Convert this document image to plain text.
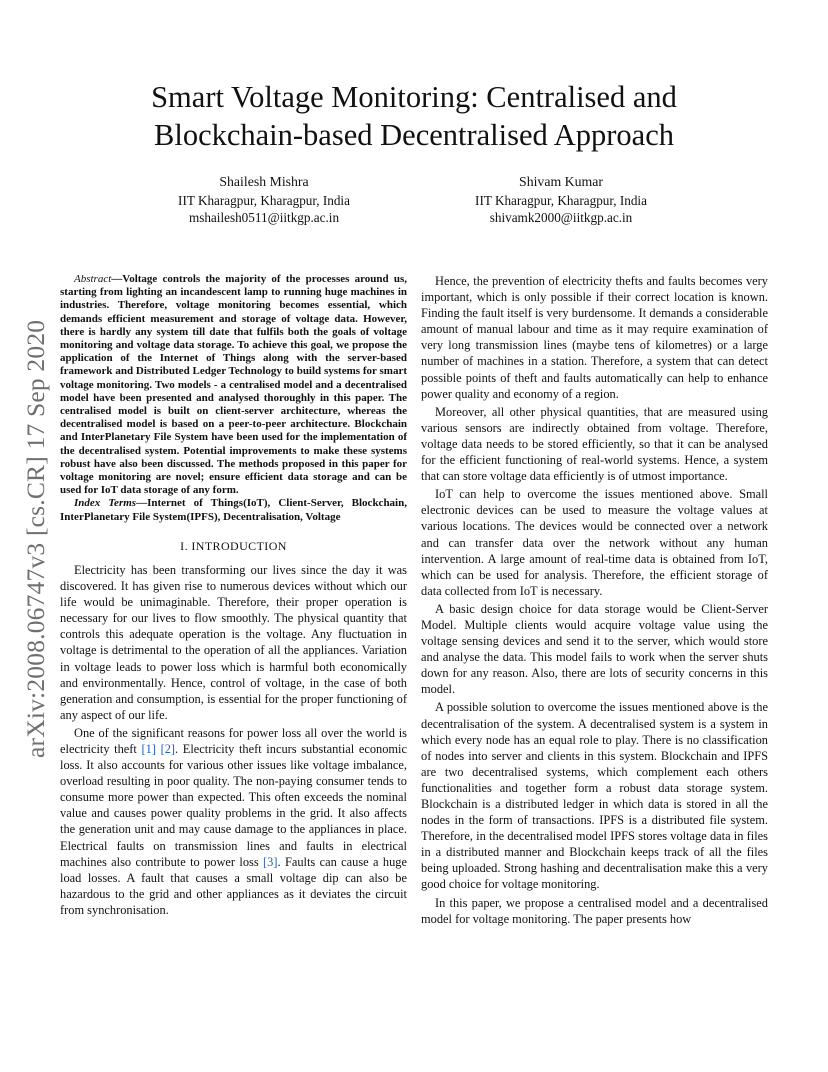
arXiv:2008.06747v3 [cs.CR] 17 Sep 2020
Smart Voltage Monitoring: Centralised and
Blockchain-based Decentralised Approach
Shailesh Mishra
IIT Kharagpur, Kharagpur, India
mshailesh0511@iitkgp.ac.in
Shivam Kumar
IIT Kharagpur, Kharagpur, India
shivamk2000@iitkgp.ac.in

Abstract—Voltage controls the majority of the processes around us, starting from lighting an incandescent lamp to running huge machines in industries. Therefore, voltage monitoring becomes essential, which demands efficient measurement and storage of voltage data. However, there is hardly any system till date that fulfils both the goals of voltage monitoring and voltage data storage. To achieve this goal, we propose the application of the Internet of Things along with the server-based framework and Distributed Ledger Technology to build systems for smart voltage monitoring. Two models - a centralised model and a decentralised model have been presented and analysed thoroughly in this paper. The centralised model is built on client-server architecture, whereas the decentralised model is based on a peer-to-peer architecture. Blockchain and InterPlanetary File System have been used for the implementation of the decentralised system. Potential improvements to make these systems robust have also been discussed. The methods proposed in this paper for voltage monitoring are novel; ensure efficient data storage and can be used for IoT data storage of any form.

Index Terms—Internet of Things(IoT), Client-Server, Blockchain, InterPlanetary File System(IPFS), Decentralisation, Voltage

I. INTRODUCTION

Electricity has been transforming our lives since the day it was discovered. It has given rise to numerous devices without which our life would be unimaginable. Therefore, their proper operation is necessary for our lives to flow smoothly. The physical quantity that controls this adequate operation is the voltage. Any fluctuation in voltage is detrimental to the operation of all the appliances. Variation in voltage leads to power loss which is harmful both economically and environmentally. Hence, control of voltage, in the case of both generation and consumption, is essential for the proper functioning of any aspect of our life.

One of the significant reasons for power loss all over the world is electricity theft [1] [2]. Electricity theft incurs substantial economic loss. It also accounts for various other issues like voltage imbalance, overload resulting in poor quality. The non-paying consumer tends to consume more power than expected. This often exceeds the nominal value and causes power quality problems in the grid. It also affects the generation unit and may cause damage to the appliances in place. Electrical faults on transmission lines and faults in electrical machines also contribute to power loss [3]. Faults can cause a huge load losses. A fault that causes a small voltage dip can also be hazardous to the grid and other appliances as it deviates the circuit from synchronisation.

Hence, the prevention of electricity thefts and faults becomes very important, which is only possible if their correct location is known. Finding the fault itself is very burdensome. It demands a considerable amount of manual labour and time as it may require examination of very long transmission lines (maybe tens of kilometres) or a large number of machines in a station. Therefore, a system that can detect possible points of theft and faults automatically can help to enhance power quality and economy of a region.

Moreover, all other physical quantities, that are measured using various sensors are indirectly obtained from voltage. Therefore, voltage data needs to be stored efficiently, so that it can be analysed for the efficient functioning of real-world systems. Hence, a system that can store voltage data efficiently is of utmost importance.

IoT can help to overcome the issues mentioned above. Small electronic devices can be used to measure the voltage values at various locations. The devices would be connected over a network and can transfer data over the network without any human intervention. A large amount of real-time data is obtained from IoT, which can be used for analysis. Therefore, the efficient storage of data collected from IoT is necessary.

A basic design choice for data storage would be Client-Server Model. Multiple clients would acquire voltage value using the voltage sensing devices and send it to the server, which would store and analyse the data. This model fails to work when the server shuts down for any reason. Also, there are lots of security concerns in this model.

A possible solution to overcome the issues mentioned above is the decentralisation of the system. A decentralised system is a system in which every node has an equal role to play. There is no classification of nodes into server and clients in this system. Blockchain and IPFS are two decentralised systems, which complement each others functionalities and together form a robust data storage system. Blockchain is a distributed ledger in which data is stored in all the nodes in the form of transactions. IPFS is a distributed file system. Therefore, in the decentralised model IPFS stores voltage data in files in a distributed manner and Blockchain keeps track of all the files being uploaded. Strong hashing and decentralisation make this a very good choice for voltage monitoring.

In this paper, we propose a centralised model and a decentralised model for voltage monitoring. The paper presents how
